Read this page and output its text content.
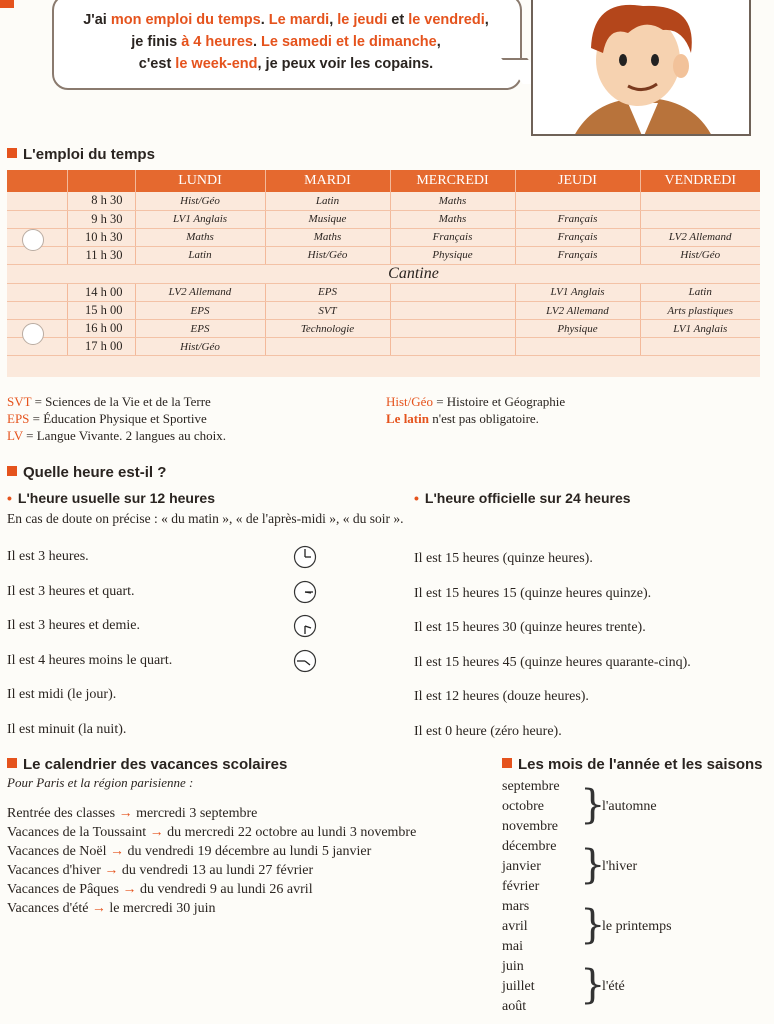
J'ai mon emploi du temps. Le mardi, le jeudi et le vendredi,
je finis à 4 heures. Le samedi et le dimanche,
c'est le week-end, je peux voir les copains.
L'emploi du temps
		LUNDI	MARDI	MERCREDI	JEUDI	VENDREDI
	8 h 30	Hist/Géo	Latin	Maths		
	9 h 30	LV1 Anglais	Musique	Maths	Français	
	10 h 30	Maths	Maths	Français	Français	LV2 Allemand
	11 h 30	Latin	Hist/Géo	Physique	Français	Hist/Géo
	Cantine					
	14 h 00	LV2 Allemand	EPS		LV1 Anglais	Latin
	15 h 00	EPS	SVT		LV2 Allemand	Arts plastiques
	16 h 00	EPS	Technologie		Physique	LV1 Anglais
	17 h 00	Hist/Géo				
SVT = Sciences de la Vie et de la Terre
EPS = Éducation Physique et Sportive
LV = Langue Vivante. 2 langues au choix.
Hist/Géo = Histoire et Géographie
Le latin n'est pas obligatoire.
Quelle heure est-il ?
• L'heure usuelle sur 12 heures	• L'heure officielle sur 24 heures
En cas de doute on précise : « du matin », « de l'après-midi », « du soir ».
Il est 3 heures.	Il est 15 heures (quinze heures).
Il est 3 heures et quart.	Il est 15 heures 15 (quinze heures quinze).
Il est 3 heures et demie.	Il est 15 heures 30 (quinze heures trente).
Il est 4 heures moins le quart.	Il est 15 heures 45 (quinze heures quarante-cinq).
Il est midi (le jour).	Il est 12 heures (douze heures).
Il est minuit (la nuit).	Il est 0 heure (zéro heure).
Le calendrier des vacances scolaires
Pour Paris et la région parisienne :
Rentrée des classes → mercredi 3 septembre
Vacances de la Toussaint → du mercredi 22 octobre au lundi 3 novembre
Vacances de Noël → du vendredi 19 décembre au lundi 5 janvier
Vacances d'hiver → du vendredi 13 au lundi 27 février
Vacances de Pâques → du vendredi 9 au lundi 26 avril
Vacances d'été → le mercredi 30 juin
Les mois de l'année et les saisons
septembre
octobre
novembre }
l'automne
décembre
janvier
février	}
l'hiver
mars
avril
mai	}
le printemps
juin
juillet
août	}
l'été
